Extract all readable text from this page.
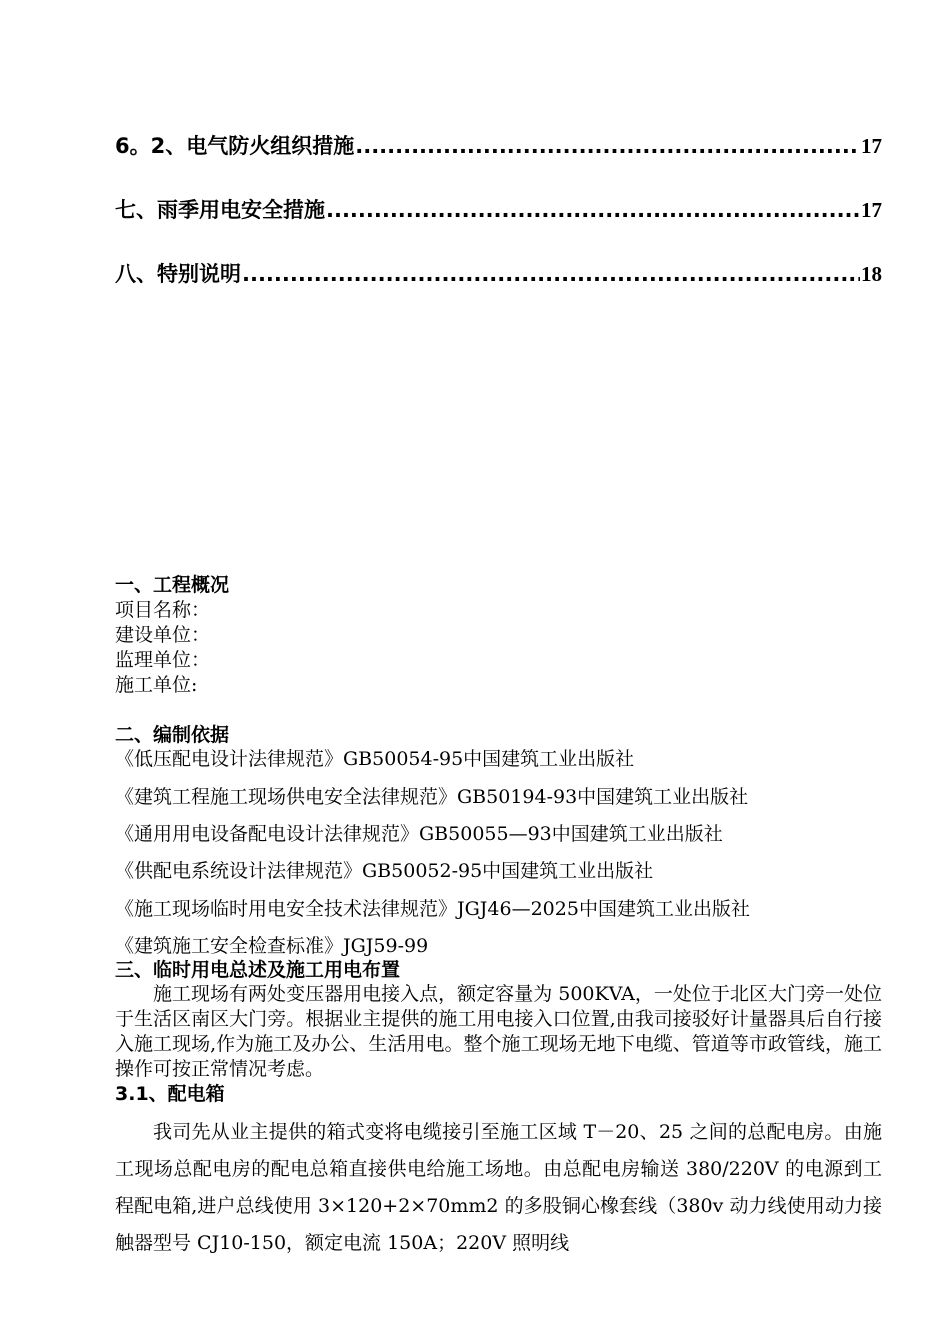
6。2、电气防火组织措施 .....	17
七、雨季用电安全措施 .....	17
八、特别说明 .....	18
一、工程概况
项目名称：
建设单位：
监理单位：
施工单位:
二、编制依据
《低压配电设计法律规范》GB50054-95中国建筑工业出版社
《建筑工程施工现场供电安全法律规范》GB50194-93中国建筑工业出版社
《通用用电设备配电设计法律规范》GB50055—93中国建筑工业出版社
《供配电系统设计法律规范》GB50052-95中国建筑工业出版社
《施工现场临时用电安全技术法律规范》JGJ46—2025中国建筑工业出版社
《建筑施工安全检查标准》JGJ59-99
三、临时用电总述及施工用电布置

施工现场有两处变压器用电接入点，额定容量为 500KVA，一处位于北区大门旁一处位于生活区南区大门旁。根据业主提供的施工用电接入口位置,由我司接驳好计量器具后自行接入施工现场,作为施工及办公、生活用电。整个施工现场无地下电缆、管道等市政管线，施工操作可按正常情况考虑。

3.1、配电箱

我司先从业主提供的箱式变将电缆接引至施工区域 T－20、25 之间的总配电房。由施工现场总配电房的配电总箱直接供电给施工场地。由总配电房输送 380/220V 的电源到工程配电箱,进户总线使用 3×120+2×70mm2 的多股铜心橡套线（380v 动力线使用动力接触器型号 CJ10-150，额定电流 150A；220V 照明线
